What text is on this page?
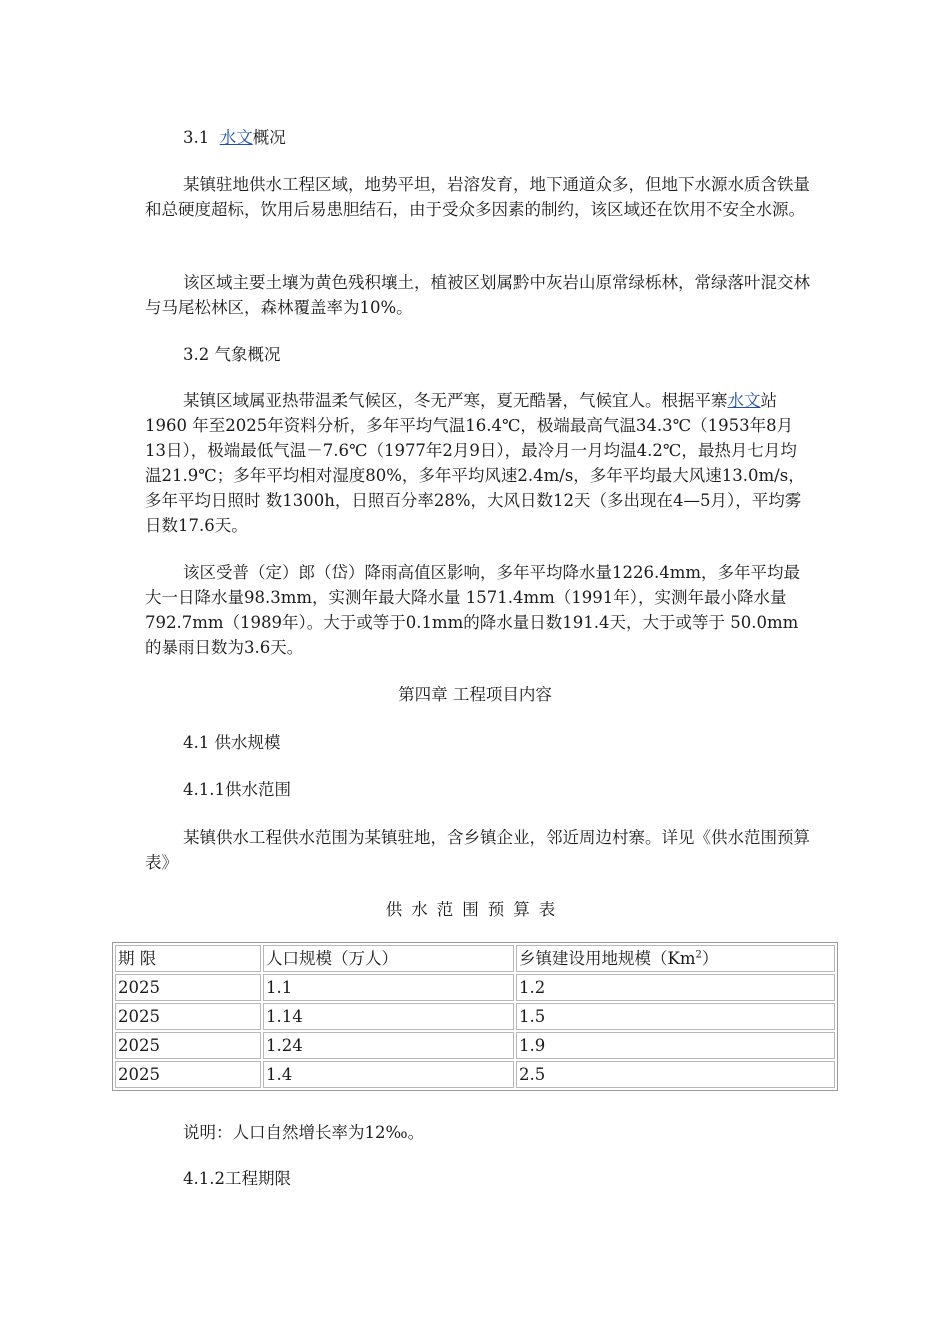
3.1 水文概况

某镇驻地供水工程区域，地势平坦，岩溶发育，地下通道众多，但地下水源水质含铁量和总硬度超标，饮用后易患胆结石，由于受众多因素的制约，该区域还在饮用不安全水源。

该区域主要土壤为黄色残积壤土，植被区划属黔中灰岩山原常绿栎林，常绿落叶混交林与马尾松林区，森林覆盖率为10%。

3.2 气象概况

某镇区域属亚热带温柔气候区，冬无严寒，夏无酷暑，气候宜人。根据平寨水文站1960 年至2025年资料分析，多年平均气温16.4℃，极端最高气温34.3℃（1953年8月13日），极端最低气温－7.6℃（1977年2月9日），最冷月一月均温4.2℃，最热月七月均温21.9℃；多年平均相对湿度80%，多年平均风速2.4m/s，多年平均最大风速13.0m/s，多年平均日照时 数1300h，日照百分率28%，大风日数12天（多出现在4—5月），平均雾日数17.6天。

该区受普（定）郎（岱）降雨高值区影响，多年平均降水量1226.4mm，多年平均最大一日降水量98.3mm，实测年最大降水量 1571.4mm（1991年），实测年最小降水量792.7mm（1989年）。大于或等于0.1mm的降水量日数191.4天，大于或等于 50.0mm的暴雨日数为3.6天。

第四章 工程项目内容

4.1 供水规模

4.1.1供水范围

某镇供水工程供水范围为某镇驻地，含乡镇企业，邻近周边村寨。详见《供水范围预算表》

供水范围预算表

期 限	人口规模（万人）	乡镇建设用地规模（Km$^2$）
2025	1.1	1.2
2025	1.14	1.5
2025	1.24	1.9
2025	1.4	2.5

说明：人口自然增长率为12‰。

4.1.2工程期限
